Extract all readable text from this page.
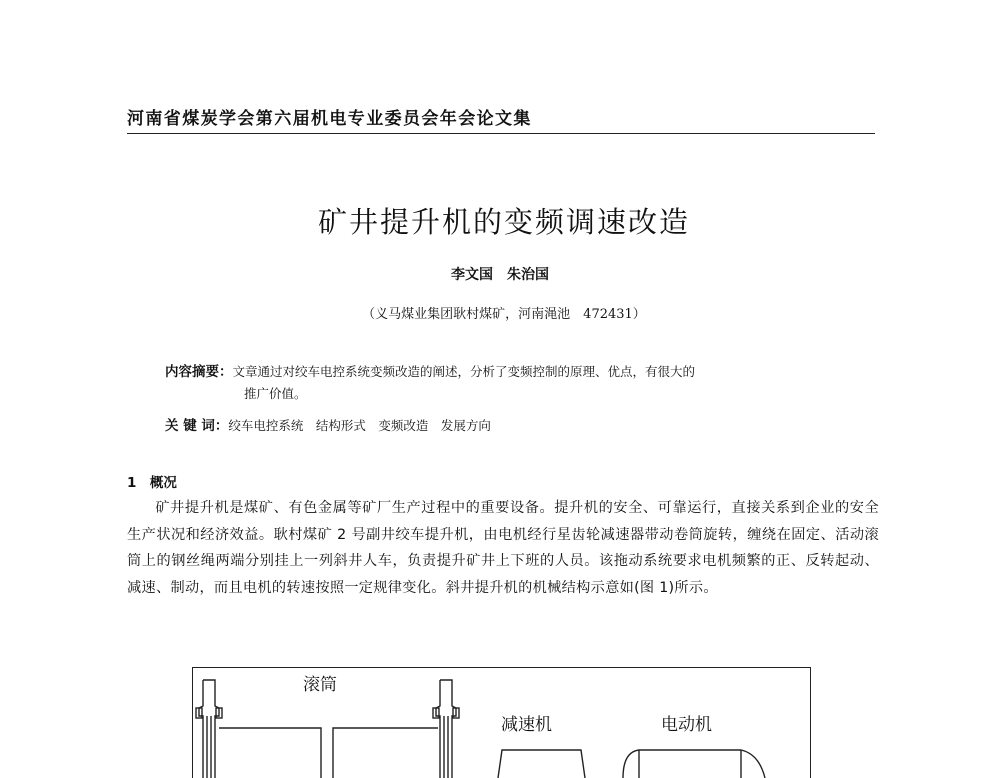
河南省煤炭学会第六届机电专业委员会年会论文集
矿井提升机的变频调速改造
李文国　朱治国
（义马煤业集团耿村煤矿，河南渑池　472431）
内容摘要： 文章通过对绞车电控系统变频改造的阐述，分析了变频控制的原理、优点，有很大的
推广价值。
关 键 词：绞车电控系统　结构形式　变频改造　发展方向
1　概况

矿井提升机是煤矿、有色金属等矿厂生产过程中的重要设备。提升机的安全、可靠运行，直接关系到企业的安全生产状况和经济效益。耿村煤矿 2 号副井绞车提升机，由电机经行星齿轮减速器带动卷筒旋转，缠绕在固定、活动滚筒上的钢丝绳两端分别挂上一列斜井人车，负责提升矿井上下班的人员。该拖动系统要求电机频繁的正、反转起动、减速、制动，而且电机的转速按照一定规律变化。斜井提升机的机械结构示意如(图 1)所示。

滚筒
减速机	电动机
